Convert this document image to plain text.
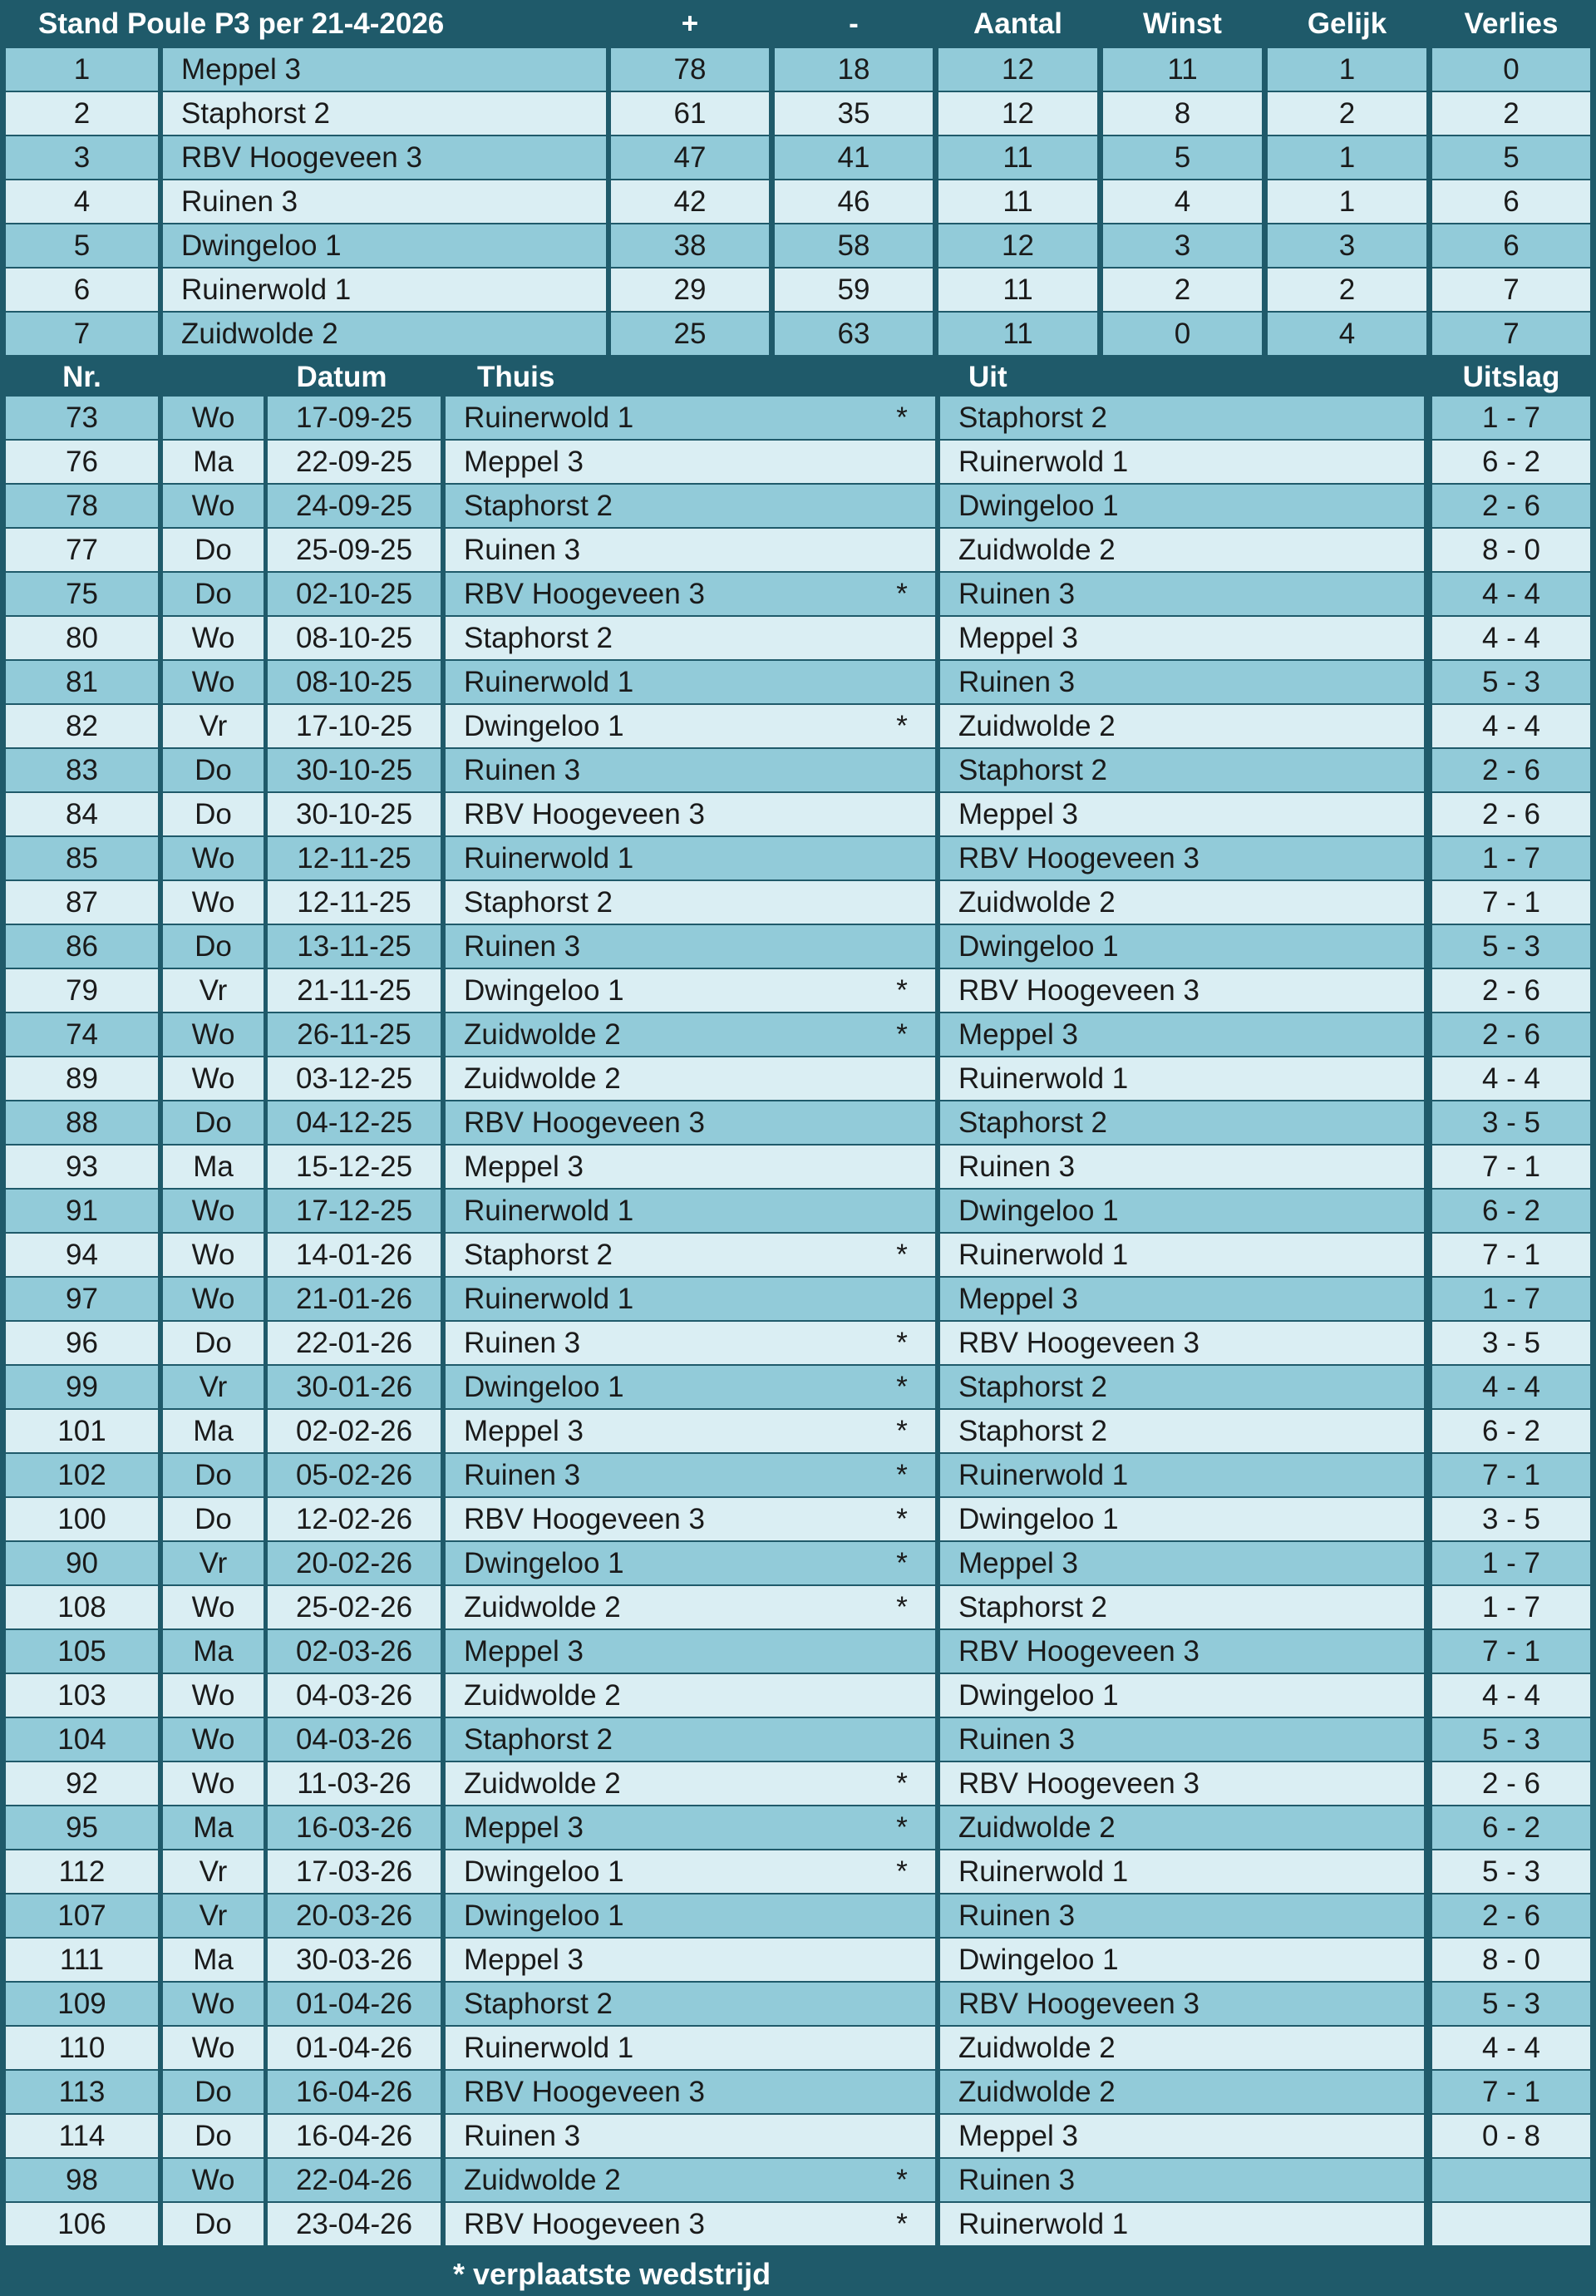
Stand Poule P3 per 21-4-2026	+	-	Aantal	Winst	Gelijk	Verlies
1	Meppel 3	78	18	12	11	1	0
2	Staphorst 2	61	35	12	8	2	2
3	RBV Hoogeveen 3	47	41	11	5	1	5
4	Ruinen 3	42	46	11	4	1	6
5	Dwingeloo 1	38	58	12	3	3	6
6	Ruinerwold 1	29	59	11	2	2	7
7	Zuidwolde 2	25	63	11	0	4	7
Nr.	Datum	Thuis	Uit	Uitslag
73	Wo	17-09-25	Ruinerwold 1	*	Staphorst 2	1 - 7
76	Ma	22-09-25	Meppel 3	Ruinerwold 1	6 - 2
78	Wo	24-09-25	Staphorst 2	Dwingeloo 1	2 - 6
77	Do	25-09-25	Ruinen 3	Zuidwolde 2	8 - 0
75	Do	02-10-25	RBV Hoogeveen 3	*	Ruinen 3	4 - 4
80	Wo	08-10-25	Staphorst 2	Meppel 3	4 - 4
81	Wo	08-10-25	Ruinerwold 1	Ruinen 3	5 - 3
82	Vr	17-10-25	Dwingeloo 1	*	Zuidwolde 2	4 - 4
83	Do	30-10-25	Ruinen 3	Staphorst 2	2 - 6
84	Do	30-10-25	RBV Hoogeveen 3	Meppel 3	2 - 6
85	Wo	12-11-25	Ruinerwold 1	RBV Hoogeveen 3	1 - 7
87	Wo	12-11-25	Staphorst 2	Zuidwolde 2	7 - 1
86	Do	13-11-25	Ruinen 3	Dwingeloo 1	5 - 3
79	Vr	21-11-25	Dwingeloo 1	*	RBV Hoogeveen 3	2 - 6
74	Wo	26-11-25	Zuidwolde 2	*	Meppel 3	2 - 6
89	Wo	03-12-25	Zuidwolde 2	Ruinerwold 1	4 - 4
88	Do	04-12-25	RBV Hoogeveen 3	Staphorst 2	3 - 5
93	Ma	15-12-25	Meppel 3	Ruinen 3	7 - 1
91	Wo	17-12-25	Ruinerwold 1	Dwingeloo 1	6 - 2
94	Wo	14-01-26	Staphorst 2	*	Ruinerwold 1	7 - 1
97	Wo	21-01-26	Ruinerwold 1	Meppel 3	1 - 7
96	Do	22-01-26	Ruinen 3	*	RBV Hoogeveen 3	3 - 5
99	Vr	30-01-26	Dwingeloo 1	*	Staphorst 2	4 - 4
101	Ma	02-02-26	Meppel 3	*	Staphorst 2	6 - 2
102	Do	05-02-26	Ruinen 3	*	Ruinerwold 1	7 - 1
100	Do	12-02-26	RBV Hoogeveen 3	*	Dwingeloo 1	3 - 5
90	Vr	20-02-26	Dwingeloo 1	*	Meppel 3	1 - 7
108	Wo	25-02-26	Zuidwolde 2	*	Staphorst 2	1 - 7
105	Ma	02-03-26	Meppel 3	RBV Hoogeveen 3	7 - 1
103	Wo	04-03-26	Zuidwolde 2	Dwingeloo 1	4 - 4
104	Wo	04-03-26	Staphorst 2	Ruinen 3	5 - 3
92	Wo	11-03-26	Zuidwolde 2	*	RBV Hoogeveen 3	2 - 6
95	Ma	16-03-26	Meppel 3	*	Zuidwolde 2	6 - 2
112	Vr	17-03-26	Dwingeloo 1	*	Ruinerwold 1	5 - 3
107	Vr	20-03-26	Dwingeloo 1	Ruinen 3	2 - 6
111	Ma	30-03-26	Meppel 3	Dwingeloo 1	8 - 0
109	Wo	01-04-26	Staphorst 2	RBV Hoogeveen 3	5 - 3
110	Wo	01-04-26	Ruinerwold 1	Zuidwolde 2	4 - 4
113	Do	16-04-26	RBV Hoogeveen 3	Zuidwolde 2	7 - 1
114	Do	16-04-26	Ruinen 3	Meppel 3	0 - 8
98	Wo	22-04-26	Zuidwolde 2	*	Ruinen 3
106	Do	23-04-26	RBV Hoogeveen 3	*	Ruinerwold 1
* verplaatste wedstrijd
